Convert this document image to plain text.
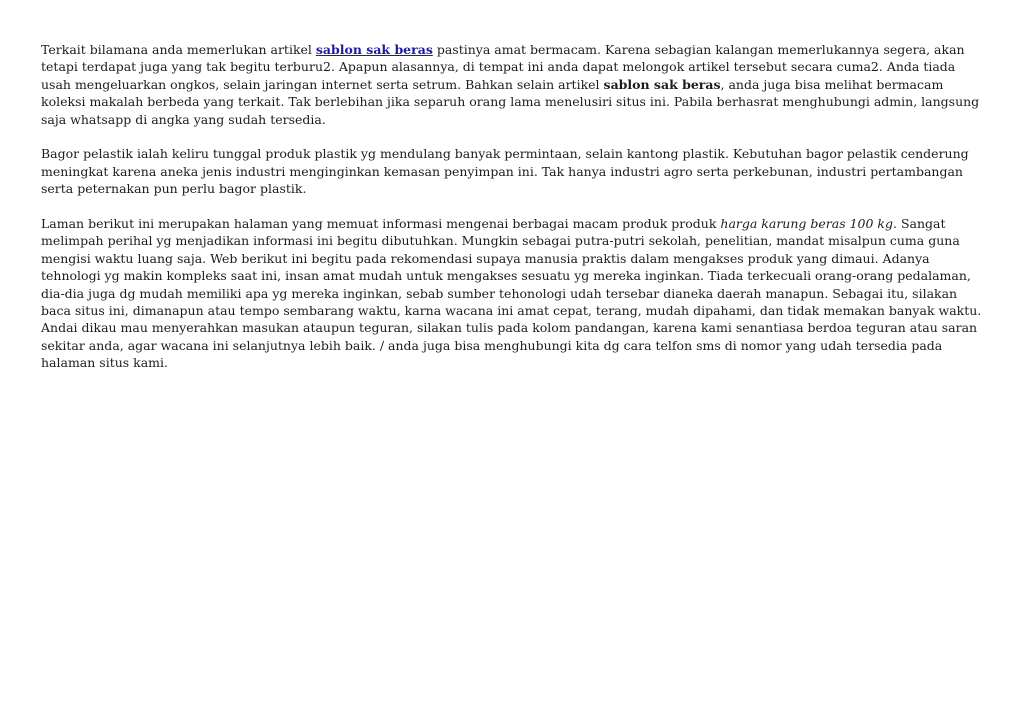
Terkait bilamana anda memerlukan artikel sablon sak beras pastinya amat bermacam. Karena sebagian kalangan memerlukannya segera, akan tetapi terdapat juga yang tak begitu terburu2. Apapun alasannya, di tempat ini anda dapat melongok artikel tersebut secara cuma2. Anda tiada usah mengeluarkan ongkos, selain jaringan internet serta setrum. Bahkan selain artikel sablon sak beras, anda juga bisa melihat bermacam koleksi makalah berbeda yang terkait. Tak berlebihan jika separuh orang lama menelusiri situs ini. Pabila berhasrat menghubungi admin, langsung saja whatsapp di angka yang sudah tersedia.

Bagor pelastik ialah keliru tunggal produk plastik yg mendulang banyak permintaan, selain kantong plastik. Kebutuhan bagor pelastik cenderung meningkat karena aneka jenis industri menginginkan kemasan penyimpan ini. Tak hanya industri agro serta perkebunan, industri pertambangan serta peternakan pun perlu bagor plastik.

Laman berikut ini merupakan halaman yang memuat informasi mengenai berbagai macam produk produk harga karung beras 100 kg. Sangat melimpah perihal yg menjadikan informasi ini begitu dibutuhkan. Mungkin sebagai putra-putri sekolah, penelitian, mandat misalpun cuma guna mengisi waktu luang saja. Web berikut ini begitu pada rekomendasi supaya manusia praktis dalam mengakses produk yang dimaui. Adanya tehnologi yg makin kompleks saat ini, insan amat mudah untuk mengakses sesuatu yg mereka inginkan. Tiada terkecuali orang-orang pedalaman, dia-dia juga dg mudah memiliki apa yg mereka inginkan, sebab sumber tehonologi udah tersebar dianeka daerah manapun. Sebagai itu, silakan baca situs ini, dimanapun atau tempo sembarang waktu, karna wacana ini amat cepat, terang, mudah dipahami, dan tidak memakan banyak waktu. Andai dikau mau menyerahkan masukan ataupun teguran, silakan tulis pada kolom pandangan, karena kami senantiasa berdoa teguran atau saran sekitar anda, agar wacana ini selanjutnya lebih baik. / anda juga bisa menghubungi kita dg cara telfon sms di nomor yang udah tersedia pada halaman situs kami.
